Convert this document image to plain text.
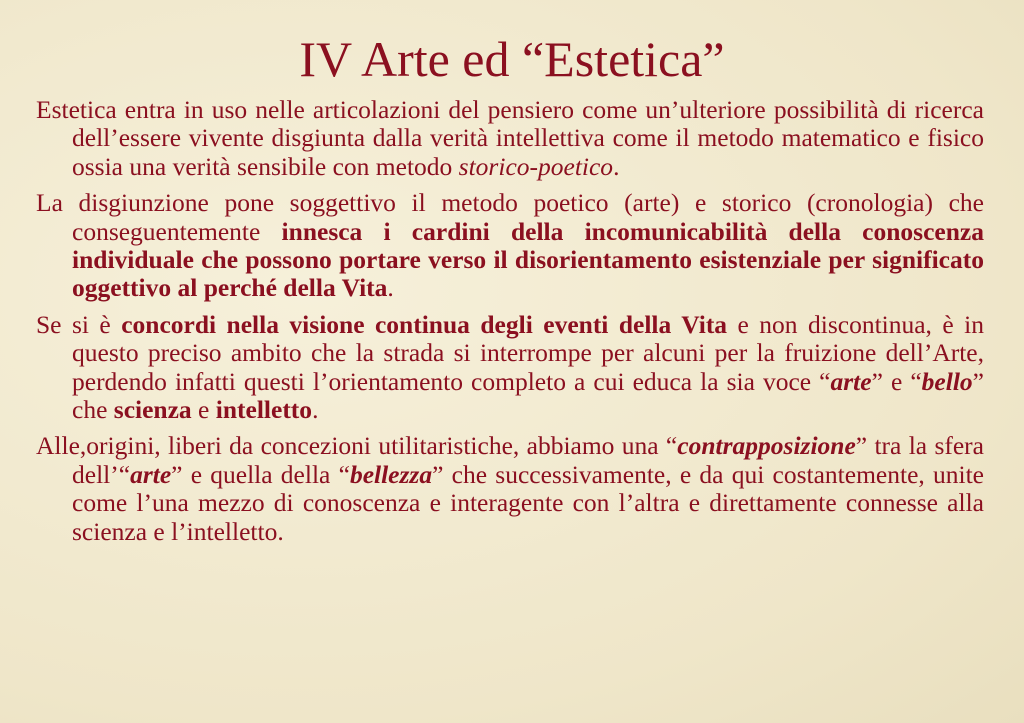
IV Arte ed “Estetica”

Estetica entra in uso nelle articolazioni del pensiero come un’ulteriore possibilità di ricerca dell’essere vivente disgiunta dalla verità intellettiva come il metodo matematico e fisico ossia una verità sensibile con metodo storico-poetico.

La disgiunzione pone soggettivo il metodo poetico (arte) e storico (cronologia) che conseguentemente innesca i cardini della incomunicabilità della conoscenza individuale che possono portare verso il disorientamento esistenziale per significato oggettivo al perché della Vita.

Se si è concordi nella visione continua degli eventi della Vita e non discontinua, è in questo preciso ambito che la strada si interrompe per alcuni per la fruizione dell’Arte, perdendo infatti questi l’orientamento completo a cui educa la sia voce “arte” e “bello” che scienza e intelletto.

Alle,origini, liberi da concezioni utilitaristiche, abbiamo una “contrapposizione” tra la sfera dell’“arte” e quella della “bellezza” che successivamente, e da qui costantemente, unite come l’una mezzo di conoscenza e interagente con l’altra e direttamente connesse alla scienza e l’intelletto.
